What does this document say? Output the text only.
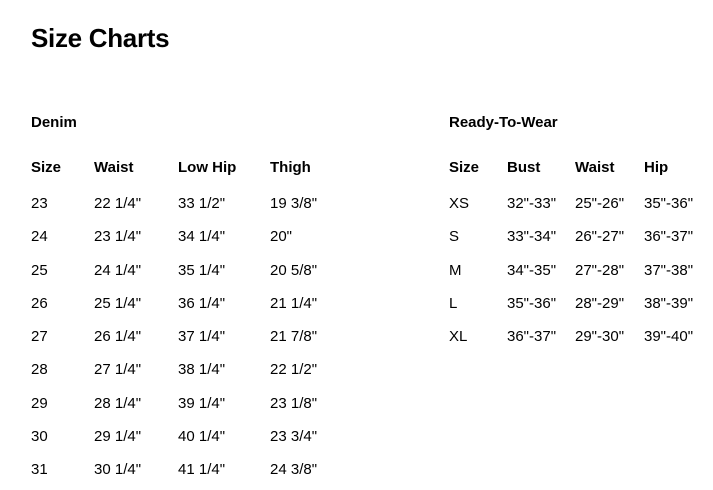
Size Charts
Denim
Size	Waist	Low Hip	Thigh
23	22 1/4"	33 1/2"	19 3/8"
24	23 1/4"	34 1/4"	20"
25	24 1/4"	35 1/4"	20 5/8"
26	25 1/4"	36 1/4"	21 1/4"
27	26 1/4"	37 1/4"	21 7/8"
28	27 1/4"	38 1/4"	22 1/2"
29	28 1/4"	39 1/4"	23 1/8"
30	29 1/4"	40 1/4"	23 3/4"
31	30 1/4"	41 1/4"	24 3/8"
Ready-To-Wear
Size	Bust	Waist	Hip
XS	32"-33"	25"-26"	35"-36"
S	33"-34"	26"-27"	36"-37"
M	34"-35"	27"-28"	37"-38"
L	35"-36"	28"-29"	38"-39"
XL	36"-37"	29"-30"	39"-40"
